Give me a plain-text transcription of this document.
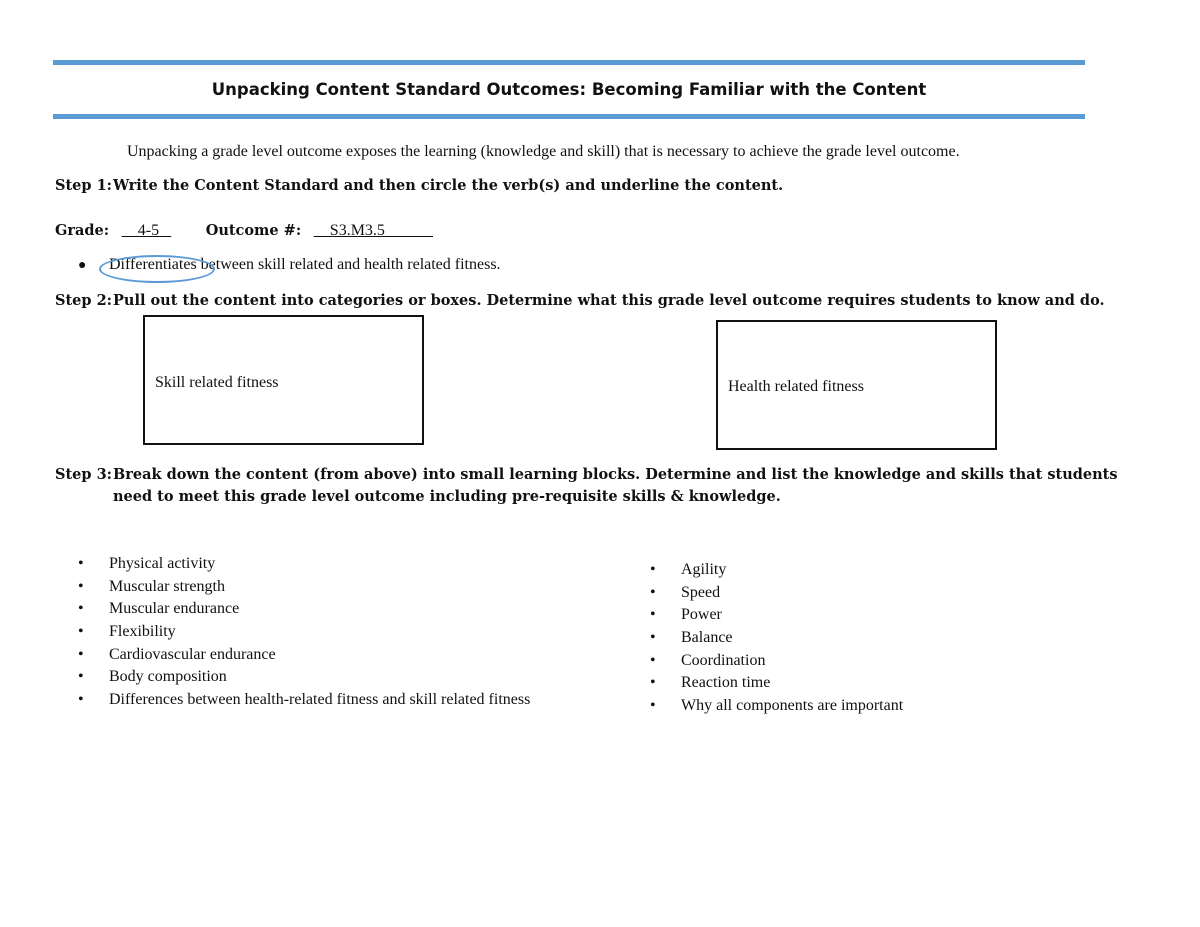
Unpacking Content Standard Outcomes: Becoming Familiar with the Content
Unpacking a grade level outcome exposes the learning (knowledge and skill) that is necessary to achieve the grade level outcome.
Step 1:Write the Content Standard and then circle the verb(s) and underline the content.
Grade: __4-5 _ Outcome #: __S3.M3.5______
● Differentiates between skill related and health related fitness.
Step 2:Pull out the content into categories or boxes. Determine what this grade level outcome requires students to know and do.
Skill related fitness	Health related fitness
Step 3: Break down the content (from above) into small learning blocks. Determine and list the knowledge and skills that students need to meet this grade level outcome including pre-requisite skills & knowledge.
• Physical activity
• Muscular strength
• Muscular endurance
• Flexibility
• Cardiovascular endurance
• Body composition
• Differences between health-related fitness and skill related fitness
• Agility
• Speed
• Power
• Balance
• Coordination
• Reaction time
• Why all components are important
